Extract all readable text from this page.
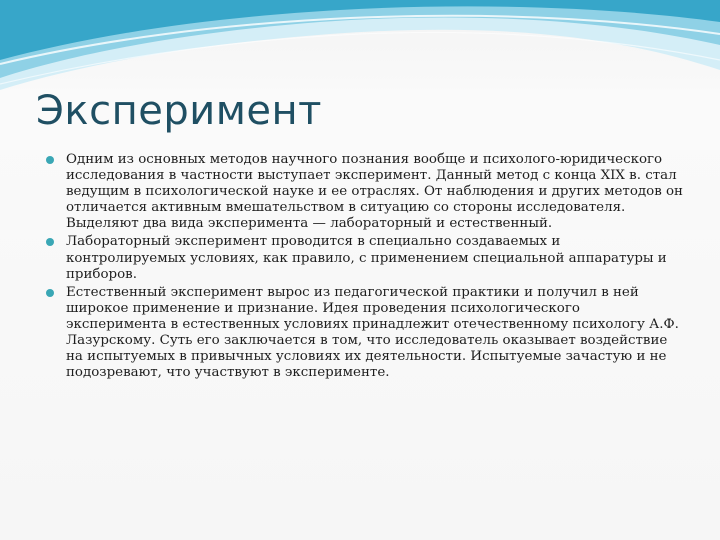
Эксперимент
Одним из основных методов научного познания вообще и психолого-юридического исследования в частности выступает эксперимент. Данный метод с конца XIX в. стал ведущим в психологической науке и ее отраслях. От наблюдения и других методов он отличается активным вмешательством в ситуацию со стороны исследователя. Выделяют два вида эксперимента — лабораторный и естественный.
Лабораторный эксперимент проводится в специально создаваемых и контролируемых условиях, как правило, с применением специальной аппаратуры и приборов.
Естественный эксперимент вырос из педагогической практики и получил в ней широкое применение и признание. Идея проведения психологического эксперимента в естественных условиях принадлежит отечественному психологу А.Ф. Лазурскому. Суть его заключается в том, что исследователь оказывает воздействие на испытуемых в привычных условиях их деятельности. Испытуемые зачастую и не подозревают, что участвуют в эксперименте.
